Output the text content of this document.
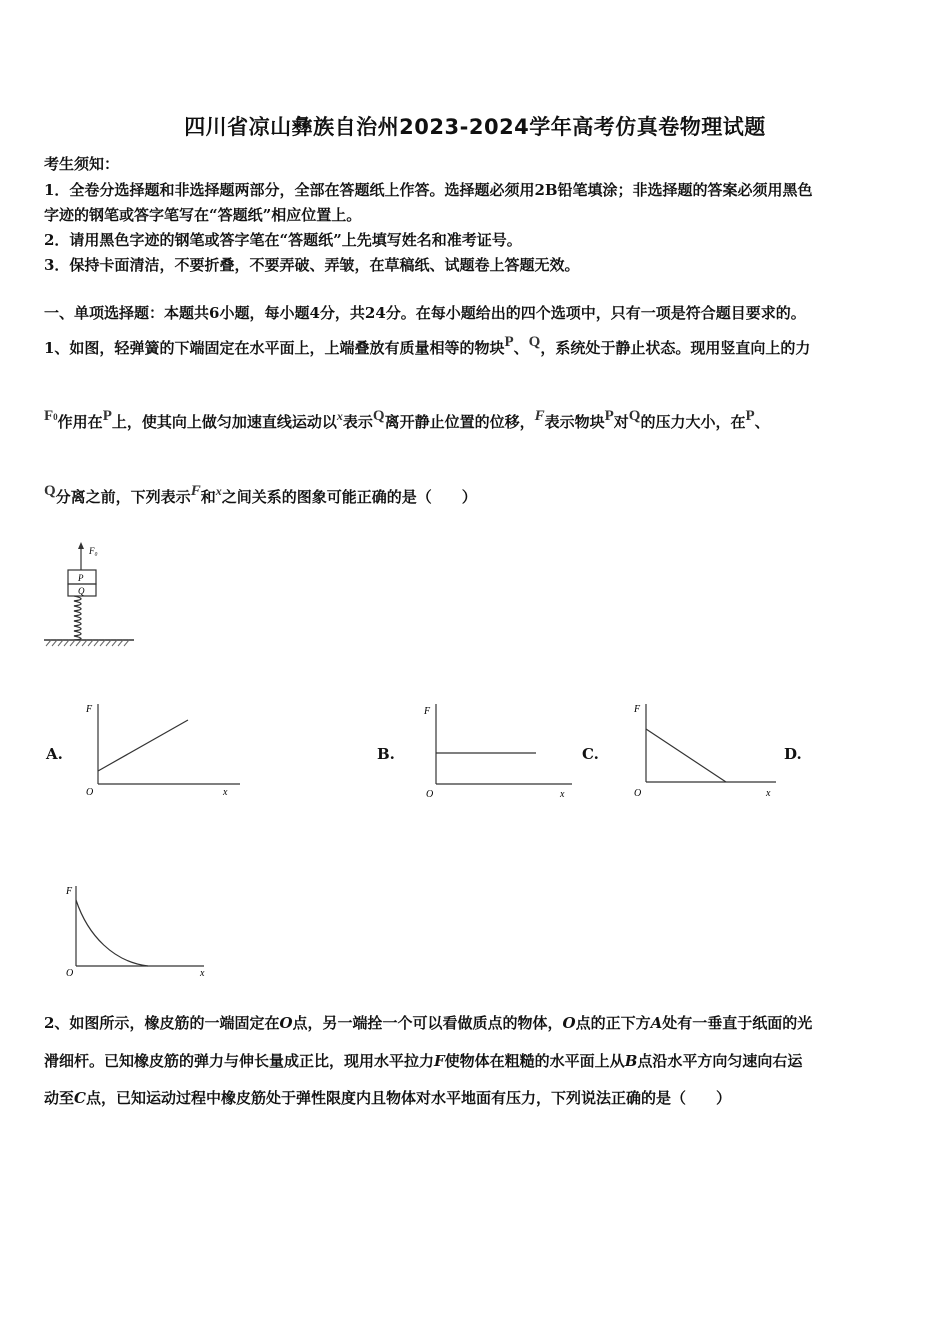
四川省凉山彝族自治州2023-2024学年高考仿真卷物理试题
考生须知：
1．全卷分选择题和非选择题两部分，全部在答题纸上作答。选择题必须用2B铅笔填涂；非选择题的答案必须用黑色
字迹的钢笔或答字笔写在“答题纸”相应位置上。
2．请用黑色字迹的钢笔或答字笔在“答题纸”上先填写姓名和准考证号。
3．保持卡面清洁，不要折叠，不要弄破、弄皱，在草稿纸、试题卷上答题无效。
一、单项选择题：本题共6小题，每小题4分，共24分。在每小题给出的四个选项中，只有一项是符合题目要求的。
1、如图，轻弹簧的下端固定在水平面上，上端叠放有质量相等的物块P、Q，系统处于静止状态。现用竖直向上的力
F0作用在P上，使其向上做匀加速直线运动以$^x$表示Q离开静止位置的位移，F表示物块P对Q的压力大小，在P、
Q分离之前，下列表示F和$^x$之间关系的图象可能正确的是（　　）
F₀
P
Q
A.	B.	C.	D.
F
O	x
F
O	x
F
O	x
F
O	x
2、如图所示，橡皮筋的一端固定在O点，另一端拴一个可以看做质点的物体，O点的正下方A处有一垂直于纸面的光
滑细杆。已知橡皮筋的弹力与伸长量成正比，现用水平拉力F使物体在粗糙的水平面上从B点沿水平方向匀速向右运
动至C点，已知运动过程中橡皮筋处于弹性限度内且物体对水平地面有压力，下列说法正确的是（　　）
